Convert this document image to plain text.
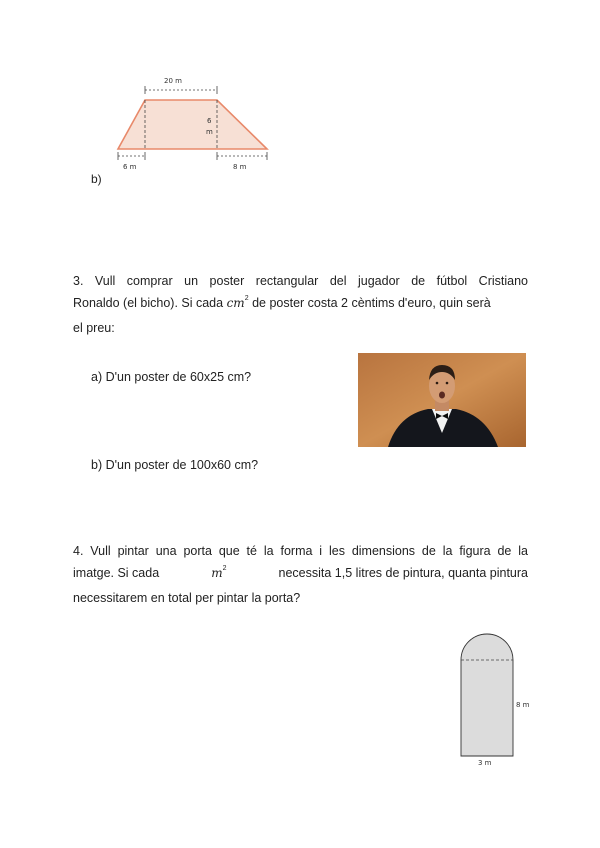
20 m
6
m
6 m	8 m
b)
3. Vull comprar un poster rectangular del jugador de fútbol Cristiano
Ronaldo (el bicho). Si cada $cm^2$ de poster costa 2 cèntims d'euro, quin serà
el preu:
a) D'un poster de 60x25 cm?
b) D'un poster de 100x60 cm?
4. Vull pintar una porta que té la forma i les dimensions de la figura de la
imatge. Si cada	$m^2$	necessita 1,5 litres de pintura, quanta pintura
necessitarem en total per pintar la porta?
8 m
3 m
